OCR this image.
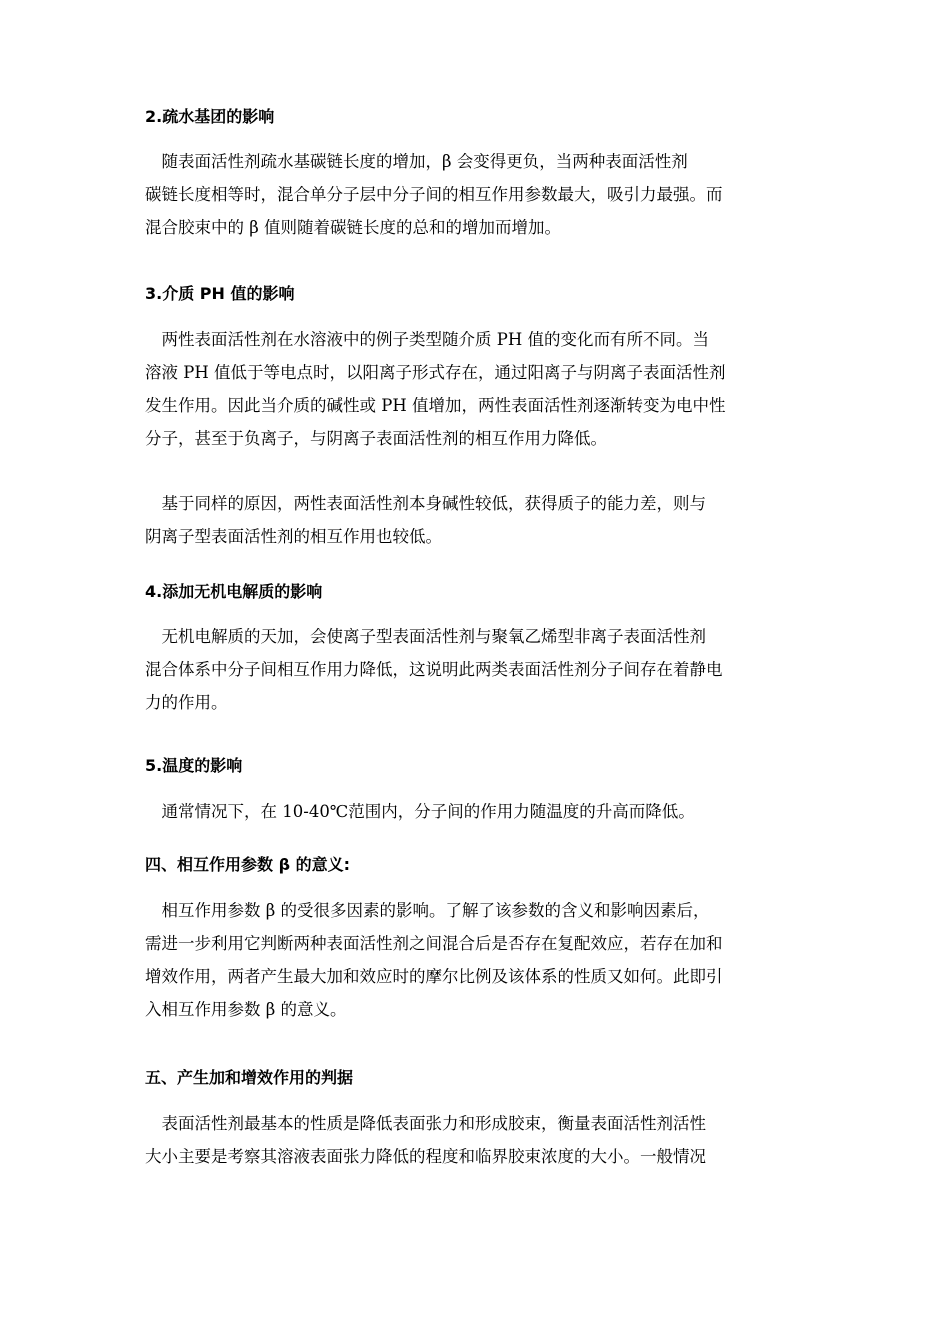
2.疏水基团的影响
　随表面活性剂疏水基碳链长度的增加，β 会变得更负，当两种表面活性剂
碳链长度相等时，混合单分子层中分子间的相互作用参数最大，吸引力最强。而
混合胶束中的 β 值则随着碳链长度的总和的增加而增加。
3.介质 PH 值的影响
　两性表面活性剂在水溶液中的例子类型随介质 PH 值的变化而有所不同。当
溶液 PH 值低于等电点时，以阳离子形式存在，通过阳离子与阴离子表面活性剂
发生作用。因此当介质的碱性或 PH 值增加，两性表面活性剂逐渐转变为电中性
分子，甚至于负离子，与阴离子表面活性剂的相互作用力降低。
　基于同样的原因，两性表面活性剂本身碱性较低，获得质子的能力差，则与
阴离子型表面活性剂的相互作用也较低。
4.添加无机电解质的影响
　无机电解质的天加，会使离子型表面活性剂与聚氧乙烯型非离子表面活性剂
混合体系中分子间相互作用力降低，这说明此两类表面活性剂分子间存在着静电
力的作用。
5.温度的影响
　通常情况下，在 10-40℃范围内，分子间的作用力随温度的升高而降低。
四、相互作用参数 β 的意义:
　相互作用参数 β 的受很多因素的影响。了解了该参数的含义和影响因素后，
需进一步利用它判断两种表面活性剂之间混合后是否存在复配效应，若存在加和
增效作用，两者产生最大加和效应时的摩尔比例及该体系的性质又如何。此即引
入相互作用参数 β 的意义。
五、产生加和增效作用的判据
　表面活性剂最基本的性质是降低表面张力和形成胶束，衡量表面活性剂活性
大小主要是考察其溶液表面张力降低的程度和临界胶束浓度的大小。一般情况
